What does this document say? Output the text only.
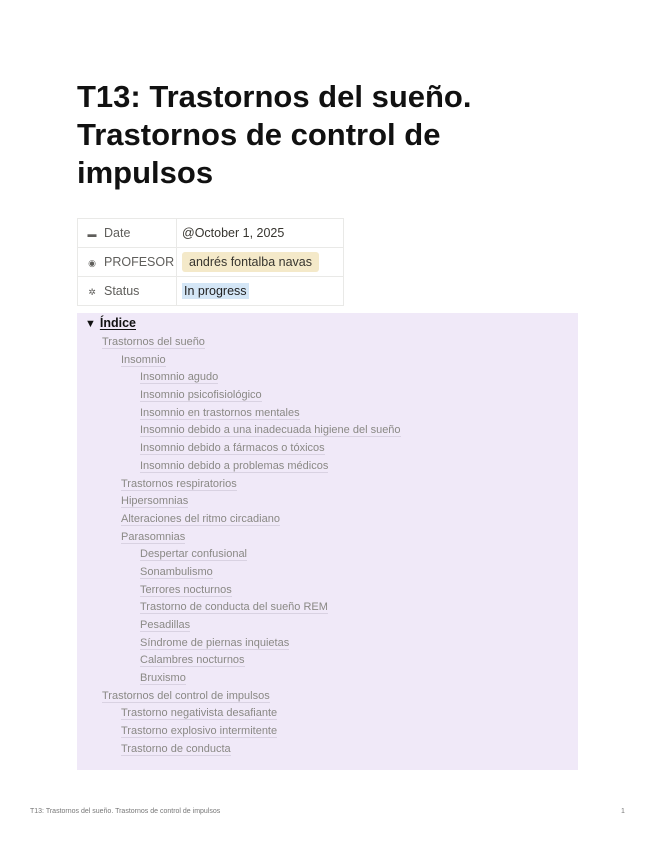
T13: Trastornos del sueño. Trastornos de control de impulsos
▬ Date	@October 1, 2025
◉ PROFESOR	andrés fontalba navas
✲ Status	In progress
▼ Índice
Trastornos del sueño
Insomnio
Insomnio agudo
Insomnio psicofisiológico
Insomnio en trastornos mentales
Insomnio debido a una inadecuada higiene del sueño
Insomnio debido a fármacos o tóxicos
Insomnio debido a problemas médicos
Trastornos respiratorios
Hipersomnias
Alteraciones del ritmo circadiano
Parasomnias
Despertar confusional
Sonambulismo
Terrores nocturnos
Trastorno de conducta del sueño REM
Pesadillas
Síndrome de piernas inquietas
Calambres nocturnos
Bruxismo
Trastornos del control de impulsos
Trastorno negativista desafiante
Trastorno explosivo intermitente
Trastorno de conducta
T13: Trastornos del sueño. Trastornos de control de impulsos	1
